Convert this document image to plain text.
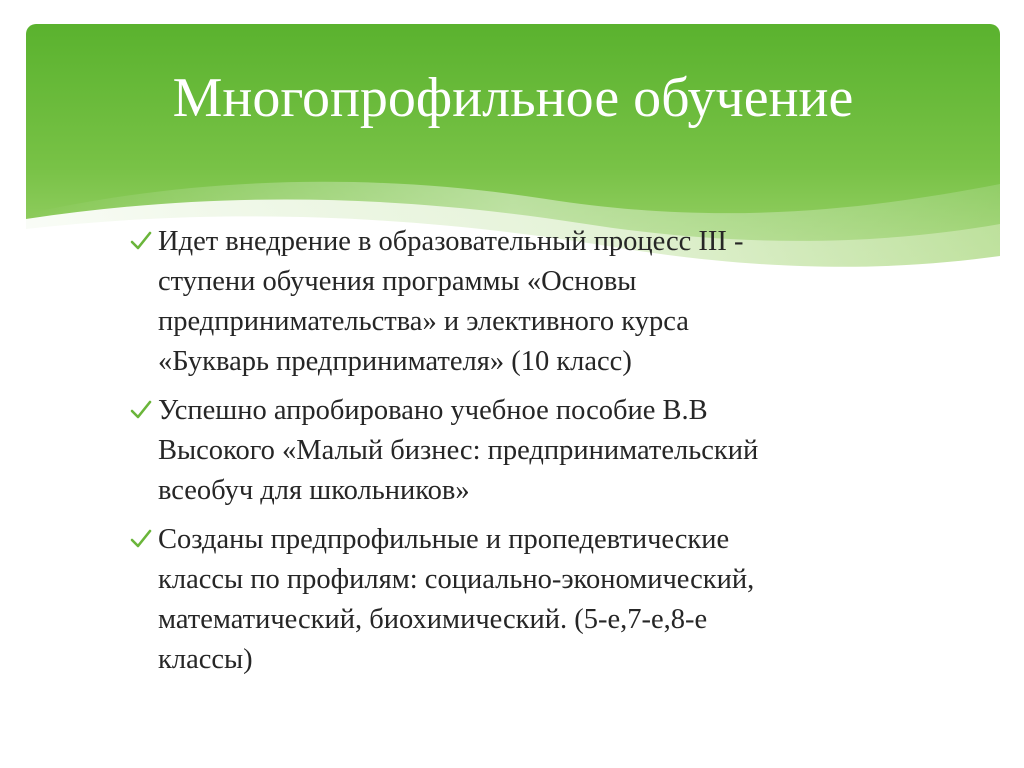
Многопрофильное обучение
Идет внедрение в образовательный процесс III -
ступени обучения программы «Основы
предпринимательства» и элективного курса
«Букварь предпринимателя» (10 класс)
Успешно апробировано учебное пособие В.В
Высокого «Малый бизнес: предпринимательский
всеобуч для школьников»
Созданы предпрофильные и пропедевтические
классы по профилям: социально-экономический,
математический, биохимический. (5-е,7-е,8-е
классы)
